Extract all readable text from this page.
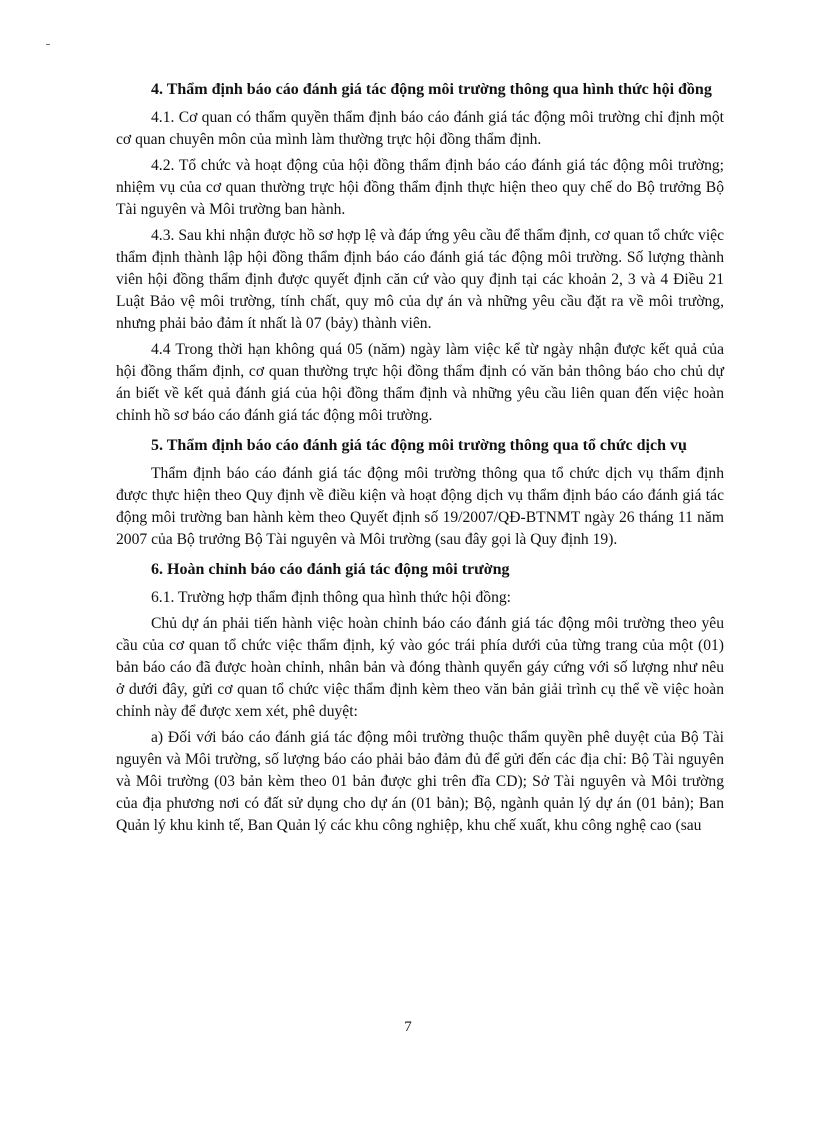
4. Thẩm định báo cáo đánh giá tác động môi trường thông qua hình thức hội đồng
4.1. Cơ quan có thẩm quyền thẩm định báo cáo đánh giá tác động môi trường chỉ định một cơ quan chuyên môn của mình làm thường trực hội đồng thẩm định.
4.2. Tổ chức và hoạt động của hội đồng thẩm định báo cáo đánh giá tác động môi trường; nhiệm vụ của cơ quan thường trực hội đồng thẩm định thực hiện theo quy chế do Bộ trưởng Bộ Tài nguyên và Môi trường ban hành.
4.3. Sau khi nhận được hồ sơ hợp lệ và đáp ứng yêu cầu để thẩm định, cơ quan tổ chức việc thẩm định thành lập hội đồng thẩm định báo cáo đánh giá tác động môi trường. Số lượng thành viên hội đồng thẩm định được quyết định căn cứ vào quy định tại các khoản 2, 3 và 4 Điều 21 Luật Bảo vệ môi trường, tính chất, quy mô của dự án và những yêu cầu đặt ra về môi trường, nhưng phải bảo đảm ít nhất là 07 (bảy) thành viên.
4.4 Trong thời hạn không quá 05 (năm) ngày làm việc kể từ ngày nhận được kết quả của hội đồng thẩm định, cơ quan thường trực hội đồng thẩm định có văn bản thông báo cho chủ dự án biết về kết quả đánh giá của hội đồng thẩm định và những yêu cầu liên quan đến việc hoàn chỉnh hồ sơ báo cáo đánh giá tác động môi trường.
5. Thẩm định báo cáo đánh giá tác động môi trường thông qua tổ chức dịch vụ
Thẩm định báo cáo đánh giá tác động môi trường thông qua tổ chức dịch vụ thẩm định được thực hiện theo Quy định về điều kiện và hoạt động dịch vụ thẩm định báo cáo đánh giá tác động môi trường ban hành kèm theo Quyết định số 19/2007/QĐ-BTNMT ngày 26 tháng 11 năm 2007 của Bộ trưởng Bộ Tài nguyên và Môi trường (sau đây gọi là Quy định 19).
6. Hoàn chỉnh báo cáo đánh giá tác động môi trường
6.1. Trường hợp thẩm định thông qua hình thức hội đồng:
Chủ dự án phải tiến hành việc hoàn chỉnh báo cáo đánh giá tác động môi trường theo yêu cầu của cơ quan tổ chức việc thẩm định, ký vào góc trái phía dưới của từng trang của một (01) bản báo cáo đã được hoàn chỉnh, nhân bản và đóng thành quyển gáy cứng với số lượng như nêu ở dưới đây, gửi cơ quan tổ chức việc thẩm định kèm theo văn bản giải trình cụ thể về việc hoàn chỉnh này để được xem xét, phê duyệt:
a) Đối với báo cáo đánh giá tác động môi trường thuộc thẩm quyền phê duyệt của Bộ Tài nguyên và Môi trường, số lượng báo cáo phải bảo đảm đủ để gửi đến các địa chỉ: Bộ Tài nguyên và Môi trường (03 bản kèm theo 01 bản được ghi trên đĩa CD); Sở Tài nguyên và Môi trường của địa phương nơi có đất sử dụng cho dự án (01 bản); Bộ, ngành quản lý dự án (01 bản); Ban Quản lý khu kinh tế, Ban Quản lý các khu công nghiệp, khu chế xuất, khu công nghệ cao (sau
7
